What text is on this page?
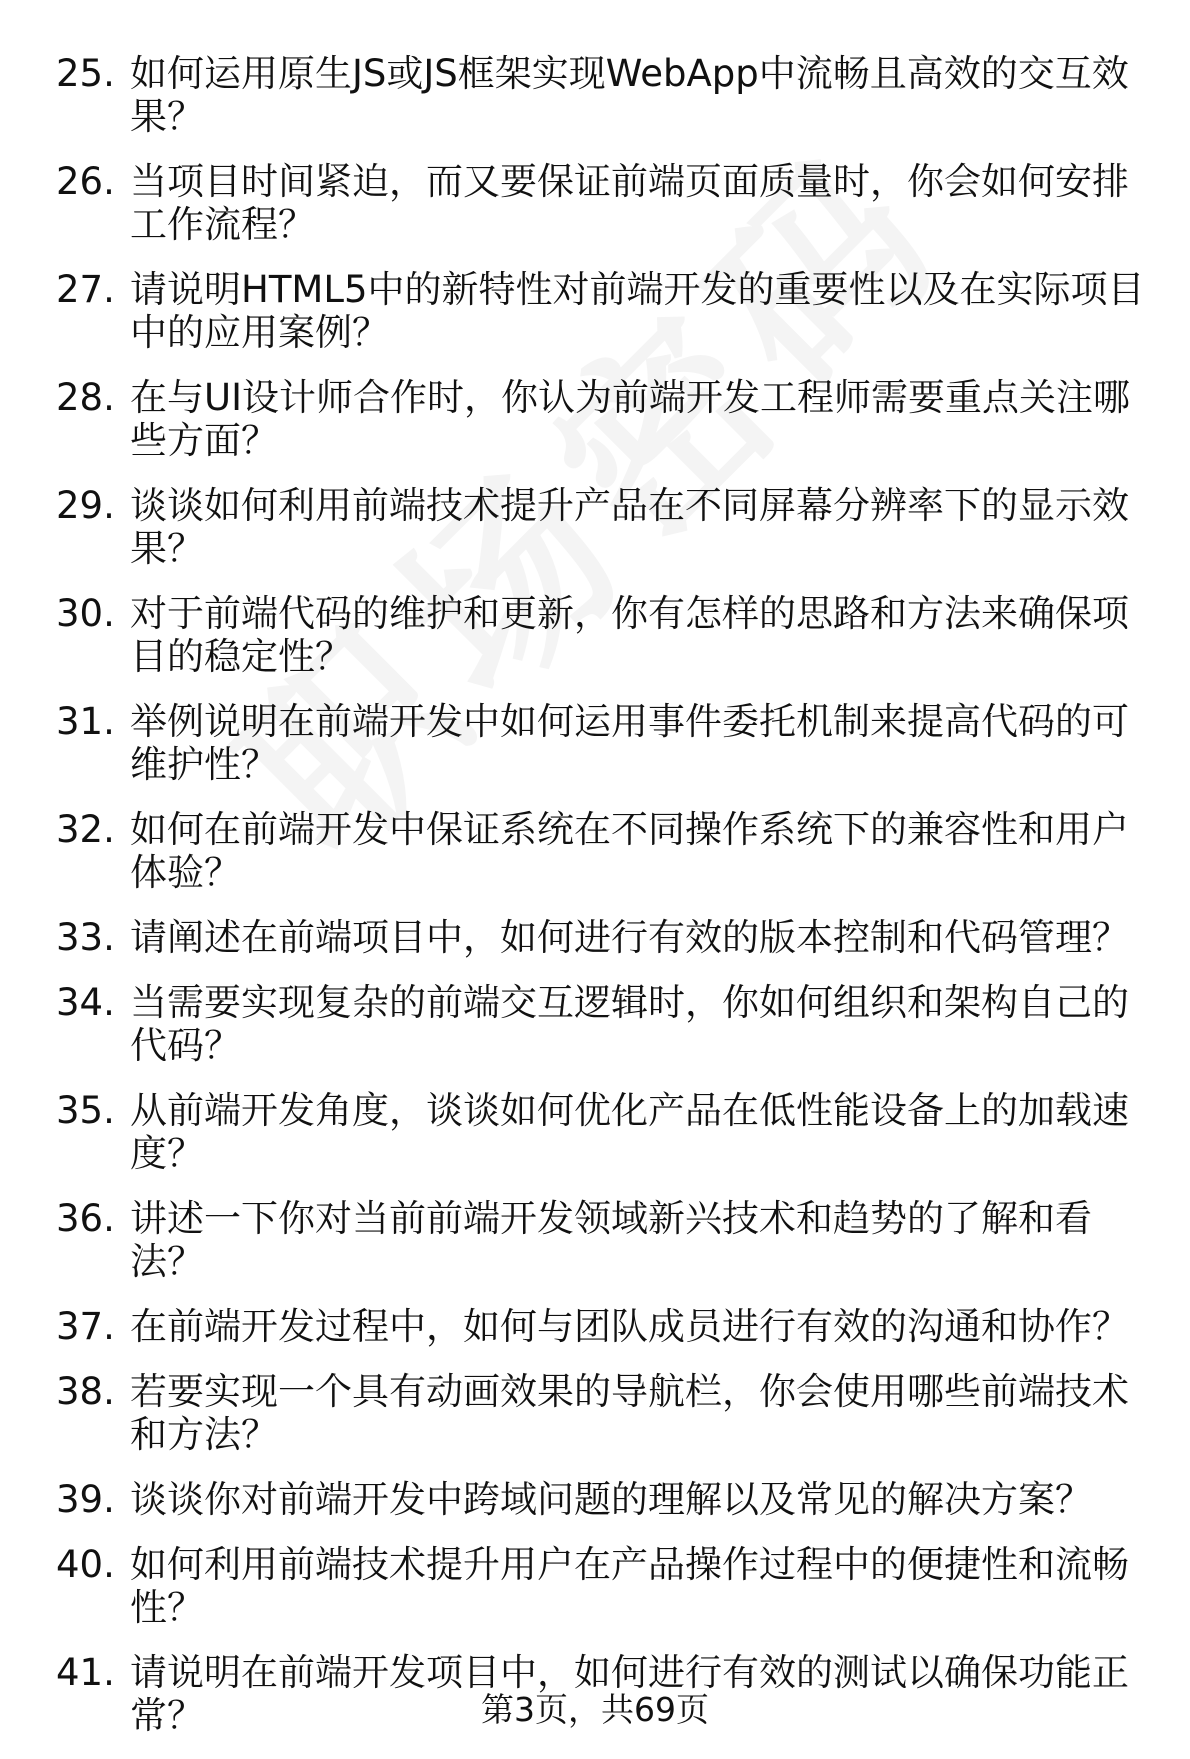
25. 如何运用原生JS或JS框架实现WebApp中流畅且高效的交互效果？
26. 当项目时间紧迫，而又要保证前端页面质量时，你会如何安排工作流程？
27. 请说明HTML5中的新特性对前端开发的重要性以及在实际项目中的应用案例？
28. 在与UI设计师合作时，你认为前端开发工程师需要重点关注哪些方面？
29. 谈谈如何利用前端技术提升产品在不同屏幕分辨率下的显示效果？
30. 对于前端代码的维护和更新，你有怎样的思路和方法来确保项目的稳定性？
31. 举例说明在前端开发中如何运用事件委托机制来提高代码的可维护性？
32. 如何在前端开发中保证系统在不同操作系统下的兼容性和用户体验？
33. 请阐述在前端项目中，如何进行有效的版本控制和代码管理？
34. 当需要实现复杂的前端交互逻辑时，你如何组织和架构自己的代码？
35. 从前端开发角度，谈谈如何优化产品在低性能设备上的加载速度？
36. 讲述一下你对当前前端开发领域新兴技术和趋势的了解和看法？
37. 在前端开发过程中，如何与团队成员进行有效的沟通和协作？
38. 若要实现一个具有动画效果的导航栏，你会使用哪些前端技术和方法？
39. 谈谈你对前端开发中跨域问题的理解以及常见的解决方案？
40. 如何利用前端技术提升用户在产品操作过程中的便捷性和流畅性？
41. 请说明在前端开发项目中，如何进行有效的测试以确保功能正常？	第3页，共69页
